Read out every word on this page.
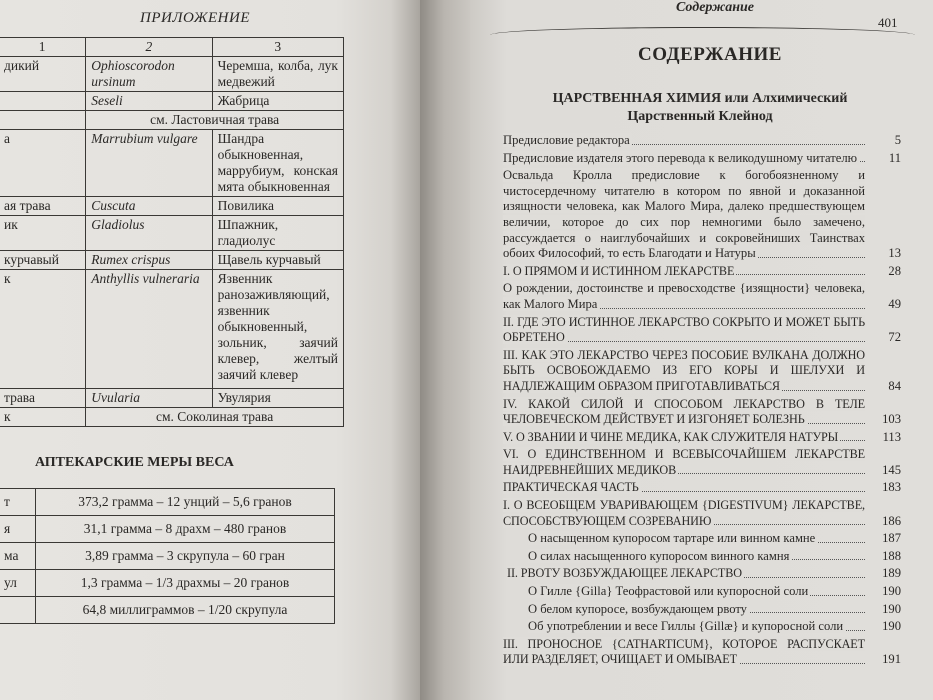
ПРИЛОЖЕНИЕ
1	2	3
дикий	Ophioscorodon ursinum	Черемша, колба, лук медвежий
	Seseli	Жабрица
	см. Ластовичная трава	
а	Marrubium vulgare	Шандра обыкновенная, маррубиум, конская мята обыкновенная
ая трава	Cuscuta	Повилика
ик	Gladiolus	Шпажник, гладиолус
курчавый	Rumex crispus	Щавель курчавый
к	Anthyllis vulneraria	Язвенник ранозаживляющий, язвенник обыкновенный, зольник, заячий клевер, желтый заячий клевер
трава	Uvularia	Увулярия
к	см. Соколиная трава	
АПТЕКАРСКИЕ МЕРЫ ВЕСА
т	373,2 грамма – 12 унций – 5,6 гранов
я	31,1 грамма – 8 драхм – 480 гранов
ма	3,89 грамма – 3 скрупула – 60 гран
ул	1,3 грамма – 1/3 драхмы – 20 гранов
	64,8 миллиграммов – 1/20 скрупула
Содержание
401
СОДЕРЖАНИЕ
ЦАРСТВЕННАЯ ХИМИЯ или Алхимический
Царственный Клейнод
Предисловие редактора	5
Предисловие издателя этого перевода к великодушному читателю	11
Освальда Кролла предисловие к богобоязненному и чистосердечному читателю в котором по явной и доказанной изящности человека, как Малого Мира, далеко предшествующем величии, которое до сих пор немногими было замечено, рассуждается о наиглубочайших и сокровейниших Таинствах обоих Философий, то есть Благодати и Натуры	13
I. О ПРЯМОМ И ИСТИННОМ ЛЕКАРСТВЕ	28
О рождении, достоинстве и превосходстве {изящности} человека, как Малого Мира	49
II. ГДЕ ЭТО ИСТИННОЕ ЛЕКАРСТВО СОКРЫТО И МОЖЕТ БЫТЬ ОБРЕТЕНО	72
III. КАК ЭТО ЛЕКАРСТВО ЧЕРЕЗ ПОСОБИЕ ВУЛКАНА ДОЛЖНО БЫТЬ ОСВОБОЖДАЕМО ИЗ ЕГО КОРЫ И ШЕЛУХИ И НАДЛЕЖАЩИМ ОБРАЗОМ ПРИГОТАВЛИВАТЬСЯ	84
IV. КАКОЙ СИЛОЙ И СПОСОБОМ ЛЕКАРСТВО В ТЕЛЕ ЧЕЛОВЕЧЕСКОМ ДЕЙСТВУЕТ И ИЗГОНЯЕТ БОЛЕЗНЬ	103
V. О ЗВАНИИ И ЧИНЕ МЕДИКА, КАК СЛУЖИТЕЛЯ НАТУРЫ	113
VI. О ЕДИНСТВЕННОМ И ВСЕВЫСОЧАЙШЕМ ЛЕКАРСТВЕ НАИДРЕВНЕЙШИХ МЕДИКОВ	145
ПРАКТИЧЕСКАЯ ЧАСТЬ	183
I. О ВСЕОБЩЕМ УВАРИВАЮЩЕМ {DIGESTIVUM} ЛЕКАРСТВЕ, СПОСОБСТВУЮЩЕМ СОЗРЕВАНИЮ	186
О насыщенном купоросом тартаре или винном камне	187
О силах насыщенного купоросом винного камня	188
II. РВОТУ ВОЗБУЖДАЮЩЕЕ ЛЕКАРСТВО	189
О Гилле {Gilla} Теофрастовой или купоросной соли	190
О белом купоросе, возбуждающем рвоту	190
Об употреблении и весе Гиллы {Gillæ} и купоросной соли	190
III. ПРОНОСНОЕ {CATHARTICUM}, КОТОРОЕ РАСПУСКАЕТ ИЛИ РАЗДЕЛЯЕТ, ОЧИЩАЕТ И ОМЫВАЕТ	191
